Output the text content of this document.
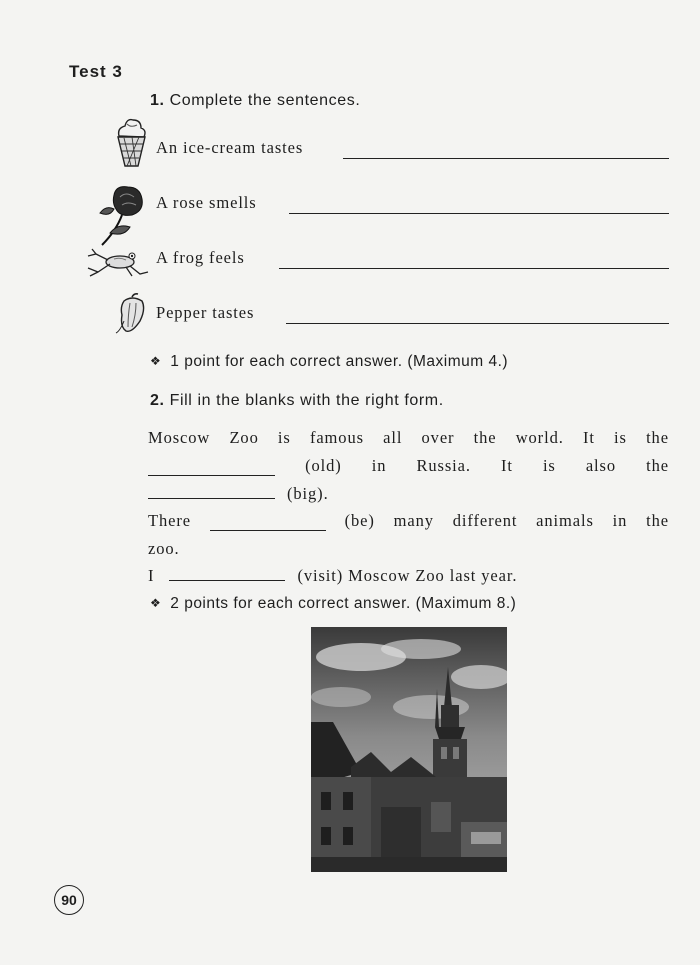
Test 3
1. Complete the sentences.
An ice-cream tastes
A rose smells
A frog feels
Pepper tastes
❖ 1 point for each correct answer. (Maximum 4.)
2. Fill in the blanks with the right form.
Moscow Zoo is famous all over the world. It is the
(old) in Russia. It is also the
(big).
There	(be) many different animals in the
zoo.
I	(visit) Moscow Zoo last year.
❖ 2 points for each correct answer. (Maximum 8.)
90
